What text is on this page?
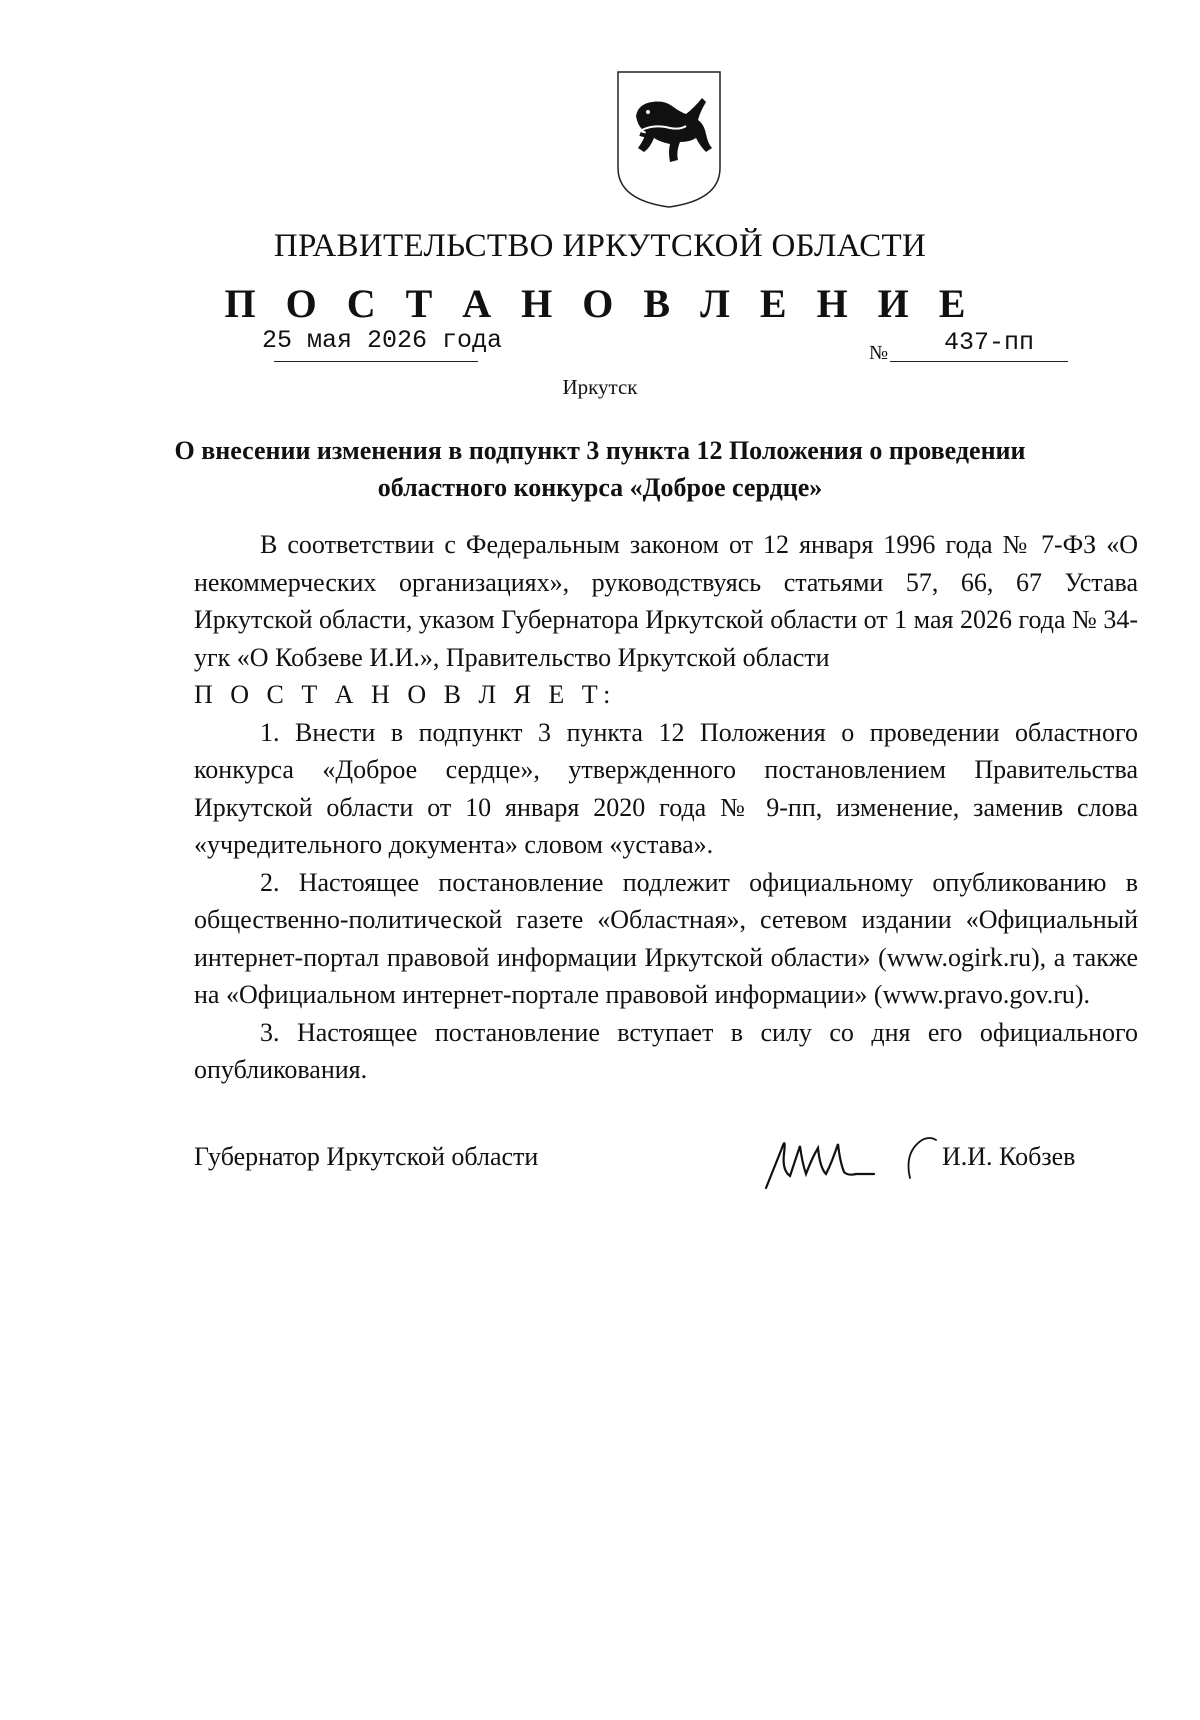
ПРАВИТЕЛЬСТВО ИРКУТСКОЙ ОБЛАСТИ
П О С Т А Н О В Л Е Н И Е
25 мая 2026 года	№ 437-пп
Иркутск
О внесении изменения в подпункт 3 пункта 12 Положения о проведении
областного конкурса «Доброе сердце»

В соответствии с Федеральным законом от 12 января 1996 года № 7-ФЗ «О некоммерческих организациях», руководствуясь статьями 57, 66, 67 Устава Иркутской области, указом Губернатора Иркутской области от 1 мая 2026 года № 34-угк «О Кобзеве И.И.», Правительство Иркутской области

П О С Т А Н О В Л Я Е Т:

1. Внести в подпункт 3 пункта 12 Положения о проведении областного конкурса «Доброе сердце», утвержденного постановлением Правительства Иркутской области от 10 января 2020 года № 9-пп, изменение, заменив слова «учредительного документа» словом «устава».

2. Настоящее постановление подлежит официальному опубликованию в общественно-политической газете «Областная», сетевом издании «Официальный интернет-портал правовой информации Иркутской области» (www.ogirk.ru), а также на «Официальном интернет-портале правовой информации» (www.pravo.gov.ru).

3. Настоящее постановление вступает в силу со дня его официального опубликования.

Губернатор Иркутской области	И.И. Кобзев
